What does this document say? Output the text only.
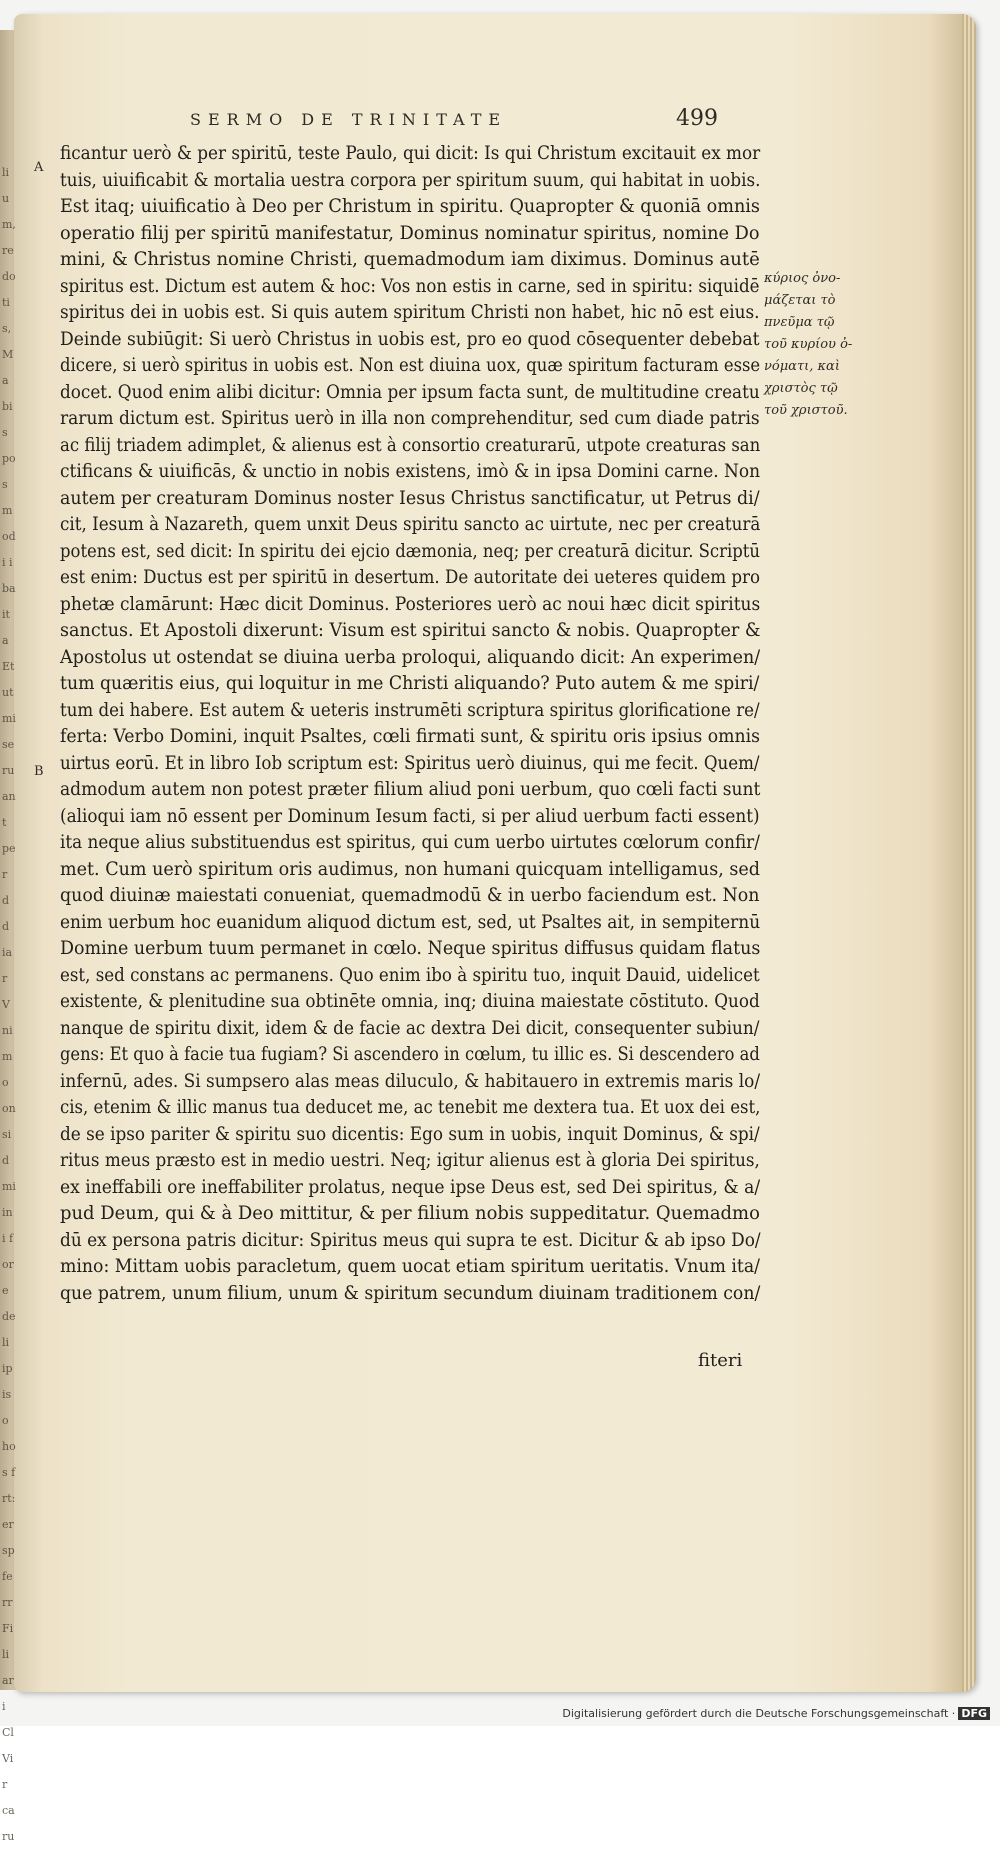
lium, redo tis, Ma bis pos modi i ba ita Et ut mi seru ant per dd iar Vni mo onsi d mi ini fore deli ipis o hos f rt: ersp ferr Fili ari Cl Vir caru
SERMO DE TRINITATE	499
A
B
ficantur uerò & per spiritū, teste Paulo, qui dicit: Is qui Christum excitauit ex mor
tuis, uiuificabit & mortalia uestra corpora per spiritum suum, qui habitat in uobis.
Est itaq; uiuificatio à Deo per Christum in spiritu. Quapropter & quoniā omnis
operatio filij per spiritū manifestatur, Dominus nominatur spiritus, nomine Do
mini, & Christus nomine Christi, quemadmodum iam diximus. Dominus autē
spiritus est. Dictum est autem & hoc: Vos non estis in carne, sed in spiritu: siquidē
spiritus dei in uobis est. Si quis autem spiritum Christi non habet, hic nō est eius.
Deinde subiūgit: Si uerò Christus in uobis est, pro eo quod cōsequenter debebat
dicere, si uerò spiritus in uobis est. Non est diuina uox, quæ spiritum facturam esse
docet. Quod enim alibi dicitur: Omnia per ipsum facta sunt, de multitudine creatu
rarum dictum est. Spiritus uerò in illa non comprehenditur, sed cum diade patris
ac filij triadem adimplet, & alienus est à consortio creaturarū, utpote creaturas san
ctificans & uiuificās, & unctio in nobis existens, imò & in ipsa Domini carne. Non
autem per creaturam Dominus noster Iesus Christus sanctificatur, ut Petrus di/
cit, Iesum à Nazareth, quem unxit Deus spiritu sancto ac uirtute, nec per creaturā
potens est, sed dicit: In spiritu dei ejcio dæmonia, neq; per creaturā dicitur. Scriptū
est enim: Ductus est per spiritū in desertum. De autoritate dei ueteres quidem pro
phetæ clamārunt: Hæc dicit Dominus. Posteriores uerò ac noui hæc dicit spiritus
sanctus. Et Apostoli dixerunt: Visum est spiritui sancto & nobis. Quapropter &
Apostolus ut ostendat se diuina uerba proloqui, aliquando dicit: An experimen/
tum quæritis eius, qui loquitur in me Christi aliquando? Puto autem & me spiri/
tum dei habere. Est autem & ueteris instrumēti scriptura spiritus glorificatione re/
ferta: Verbo Domini, inquit Psaltes, cœli firmati sunt, & spiritu oris ipsius omnis
uirtus eorū. Et in libro Iob scriptum est: Spiritus uerò diuinus, qui me fecit. Quem/
admodum autem non potest præter filium aliud poni uerbum, quo cœli facti sunt
(alioqui iam nō essent per Dominum Iesum facti, si per aliud uerbum facti essent)
ita neque alius substituendus est spiritus, qui cum uerbo uirtutes cœlorum confir/
met. Cum uerò spiritum oris audimus, non humani quicquam intelligamus, sed
quod diuinæ maiestati conueniat, quemadmodū & in uerbo faciendum est. Non
enim uerbum hoc euanidum aliquod dictum est, sed, ut Psaltes ait, in sempiternū
Domine uerbum tuum permanet in cœlo. Neque spiritus diffusus quidam flatus
est, sed constans ac permanens. Quo enim ibo à spiritu tuo, inquit Dauid, uidelicet
existente, & plenitudine sua obtinēte omnia, inq; diuina maiestate cōstituto. Quod
nanque de spiritu dixit, idem & de facie ac dextra Dei dicit, consequenter subiun/
gens: Et quo à facie tua fugiam? Si ascendero in cœlum, tu illic es. Si descendero ad
infernū, ades. Si sumpsero alas meas diluculo, & habitauero in extremis maris lo/
cis, etenim & illic manus tua deducet me, ac tenebit me dextera tua. Et uox dei est,
de se ipso pariter & spiritu suo dicentis: Ego sum in uobis, inquit Dominus, & spi/
ritus meus præsto est in medio uestri. Neq; igitur alienus est à gloria Dei spiritus,
ex ineffabili ore ineffabiliter prolatus, neque ipse Deus est, sed Dei spiritus, & a/
pud Deum, qui & à Deo mittitur, & per filium nobis suppeditatur. Quemadmo
dū ex persona patris dicitur: Spiritus meus qui supra te est. Dicitur & ab ipso Do/
mino: Mittam uobis paracletum, quem uocat etiam spiritum ueritatis. Vnum ita/
que patrem, unum filium, unum & spiritum secundum diuinam traditionem con/
κύριος ὀνο-
μάζεται τὸ
πνεῦμα τῷ
τοῦ κυρίου ὀ-
νόματι, καὶ
χριστὸς τῷ
τοῦ χριστοῦ.
fiteri
Digitalisierung gefördert durch die Deutsche Forschungsgemeinschaft · DFG
